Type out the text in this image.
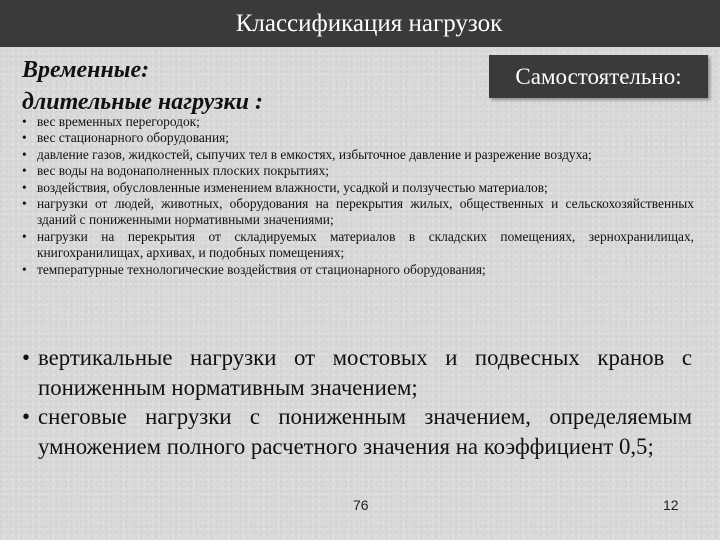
Классификация нагрузок
Временные:
длительные нагрузки :
Самостоятельно:
• вес временных перегородок;
• вес стационарного оборудования;
• давление газов, жидкостей, сыпучих тел в емкостях, избыточное давление и разрежение воздуха;
• вес воды на водонаполненных плоских покрытиях;
• воздействия, обусловленные изменением влажности, усадкой и ползучестью материалов;
• нагрузки от людей, животных, оборудования на перекрытия жилых, общественных и сельскохозяйственных зданий с пониженными нормативными значениями;
• нагрузки на перекрытия от складируемых материалов в складских помещениях, зернохранилищах, книгохранилищах, архивах, и подобных помещениях;
• температурные технологические воздействия от стационарного оборудования;
• вертикальные нагрузки от мостовых и подвесных кранов с пониженным нормативным значением;
• снеговые нагрузки с пониженным значением, определяемым умножением полного расчетного значения на коэффициент 0,5;
76	12
